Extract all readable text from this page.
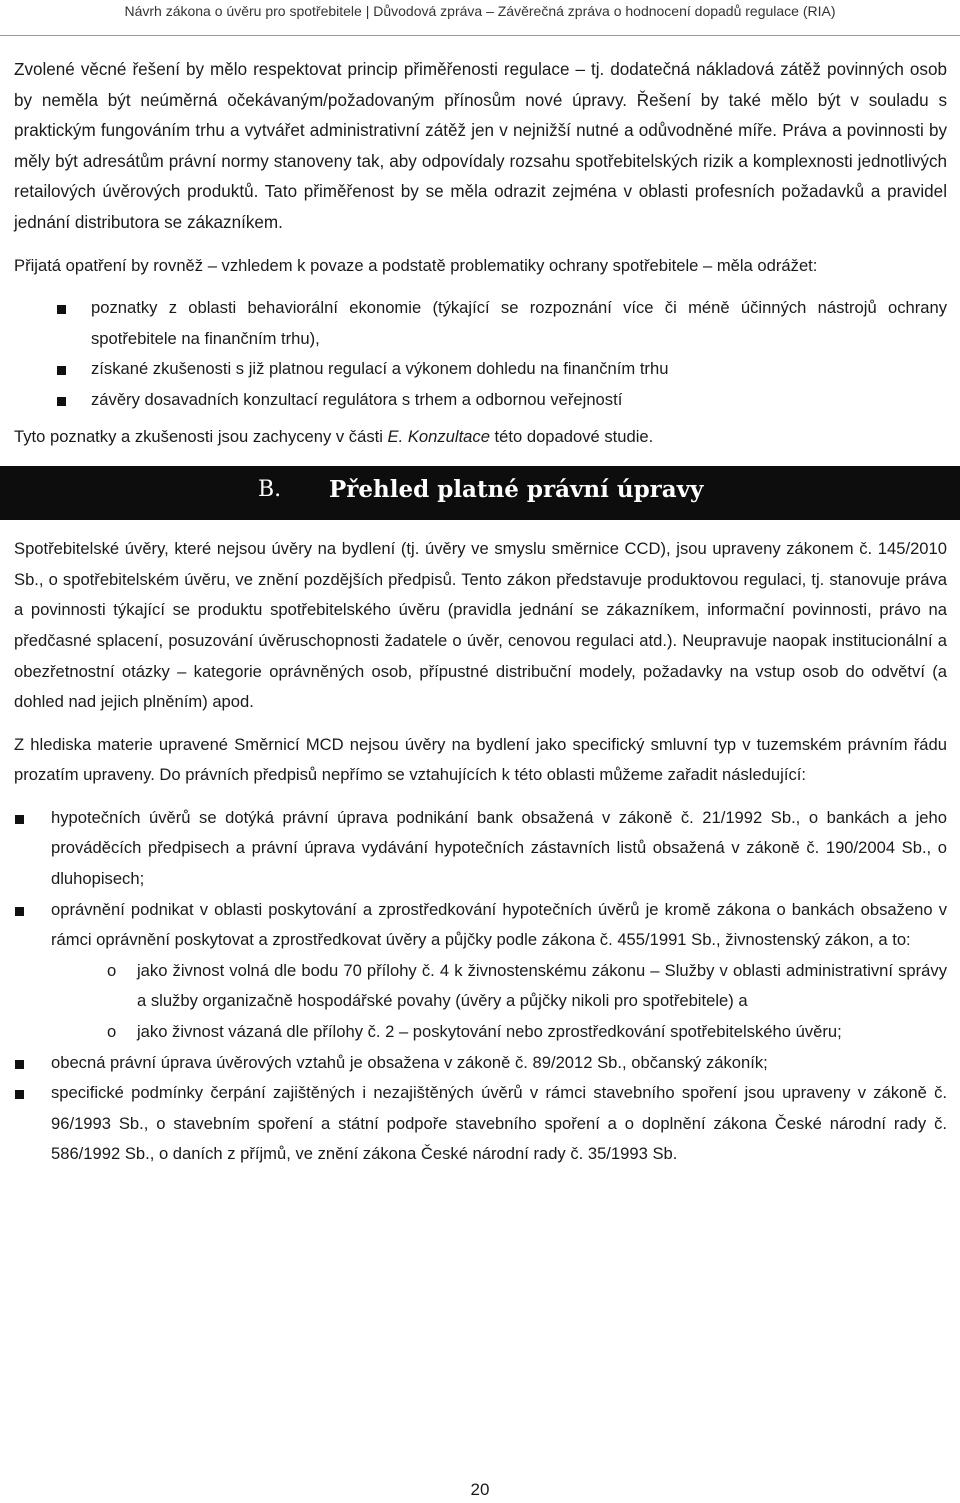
Návrh zákona o úvěru pro spotřebitele | Důvodová zpráva – Závěrečná zpráva o hodnocení dopadů regulace (RIA)

Zvolené věcné řešení by mělo respektovat princip přiměřenosti regulace – tj. dodatečná nákladová zátěž povinných osob by neměla být neúměrná očekávaným/požadovaným přínosům nové úpravy. Řešení by také mělo být v souladu s praktickým fungováním trhu a vytvářet administrativní zátěž jen v nejnižší nutné a odůvodněné míře. Práva a povinnosti by měly být adresátům právní normy stanoveny tak, aby odpovídaly rozsahu spotřebitelských rizik a komplexnosti jednotlivých retailových úvěrových produktů. Tato přiměřenost by se měla odrazit zejména v oblasti profesních požadavků a pravidel jednání distributora se zákazníkem.

Přijatá opatření by rovněž – vzhledem k povaze a podstatě problematiky ochrany spotřebitele – měla odrážet:

poznatky z oblasti behaviorální ekonomie (týkající se rozpoznání více či méně účinných nástrojů ochrany spotřebitele na finančním trhu),
získané zkušenosti s již platnou regulací a výkonem dohledu na finančním trhu
závěry dosavadních konzultací regulátora s trhem a odbornou veřejností

Tyto poznatky a zkušenosti jsou zachyceny v části E. Konzultace této dopadové studie.

B. Přehled platné právní úpravy

Spotřebitelské úvěry, které nejsou úvěry na bydlení (tj. úvěry ve smyslu směrnice CCD), jsou upraveny zákonem č. 145/2010 Sb., o spotřebitelském úvěru, ve znění pozdějších předpisů. Tento zákon představuje produktovou regulaci, tj. stanovuje práva a povinnosti týkající se produktu spotřebitelského úvěru (pravidla jednání se zákazníkem, informační povinnosti, právo na předčasné splacení, posuzování úvěruschopnosti žadatele o úvěr, cenovou regulaci atd.). Neupravuje naopak institucionální a obezřetnostní otázky – kategorie oprávněných osob, přípustné distribuční modely, požadavky na vstup osob do odvětví (a dohled nad jejich plněním) apod.

Z hlediska materie upravené Směrnicí MCD nejsou úvěry na bydlení jako specifický smluvní typ v tuzemském právním řádu prozatím upraveny. Do právních předpisů nepřímo se vztahujících k této oblasti můžeme zařadit následující:

hypotečních úvěrů se dotýká právní úprava podnikání bank obsažená v zákoně č. 21/1992 Sb., o bankách a jeho prováděcích předpisech a právní úprava vydávání hypotečních zástavních listů obsažená v zákoně č. 190/2004 Sb., o dluhopisech;
oprávnění podnikat v oblasti poskytování a zprostředkování hypotečních úvěrů je kromě zákona o bankách obsaženo v rámci oprávnění poskytovat a zprostředkovat úvěry a půjčky podle zákona č. 455/1991 Sb., živnostenský zákon, a to:
o jako živnost volná dle bodu 70 přílohy č. 4 k živnostenskému zákonu – Služby v oblasti administrativní správy a služby organizačně hospodářské povahy (úvěry a půjčky nikoli pro spotřebitele) a
o jako živnost vázaná dle přílohy č. 2 – poskytování nebo zprostředkování spotřebitelského úvěru;
obecná právní úprava úvěrových vztahů je obsažena v zákoně č. 89/2012 Sb., občanský zákoník;
specifické podmínky čerpání zajištěných i nezajištěných úvěrů v rámci stavebního spoření jsou upraveny v zákoně č. 96/1993 Sb., o stavebním spoření a státní podpoře stavebního spoření a o doplnění zákona České národní rady č. 586/1992 Sb., o daních z příjmů, ve znění zákona České národní rady č. 35/1993 Sb.
20
